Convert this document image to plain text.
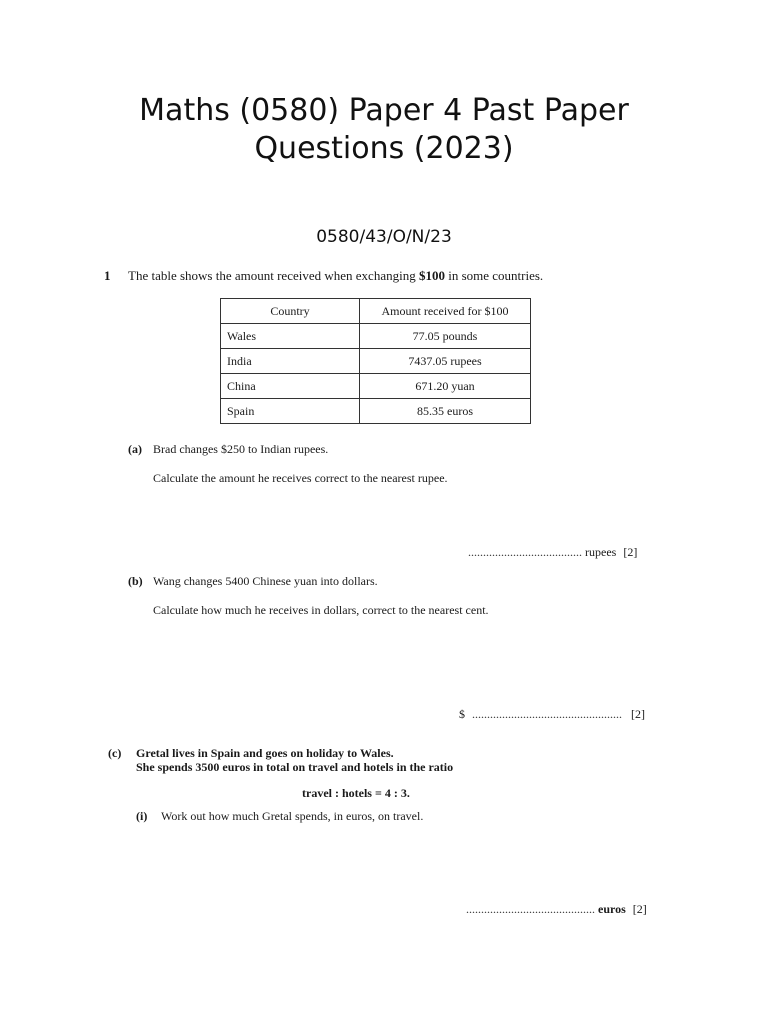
Maths (0580) Paper 4 Past Paper
Questions (2023)
0580/43/O/N/23
1 The table shows the amount received when exchanging $100 in some countries.
Country	Amount received for $100
Wales	77.05 pounds
India	7437.05 rupees
China	671.20 yuan
Spain	85.35 euros
(a) Brad changes $250 to Indian rupees.
Calculate the amount he receives correct to the nearest rupee.
...................................... rupees [2]
(b) Wang changes 5400 Chinese yuan into dollars.
Calculate how much he receives in dollars, correct to the nearest cent.
$ .................................................. [2]
(c) Gretal lives in Spain and goes on holiday to Wales.
She spends 3500 euros in total on travel and hotels in the ratio
travel : hotels = 4 : 3.
(i) Work out how much Gretal spends, in euros, on travel.
........................................... euros [2]
